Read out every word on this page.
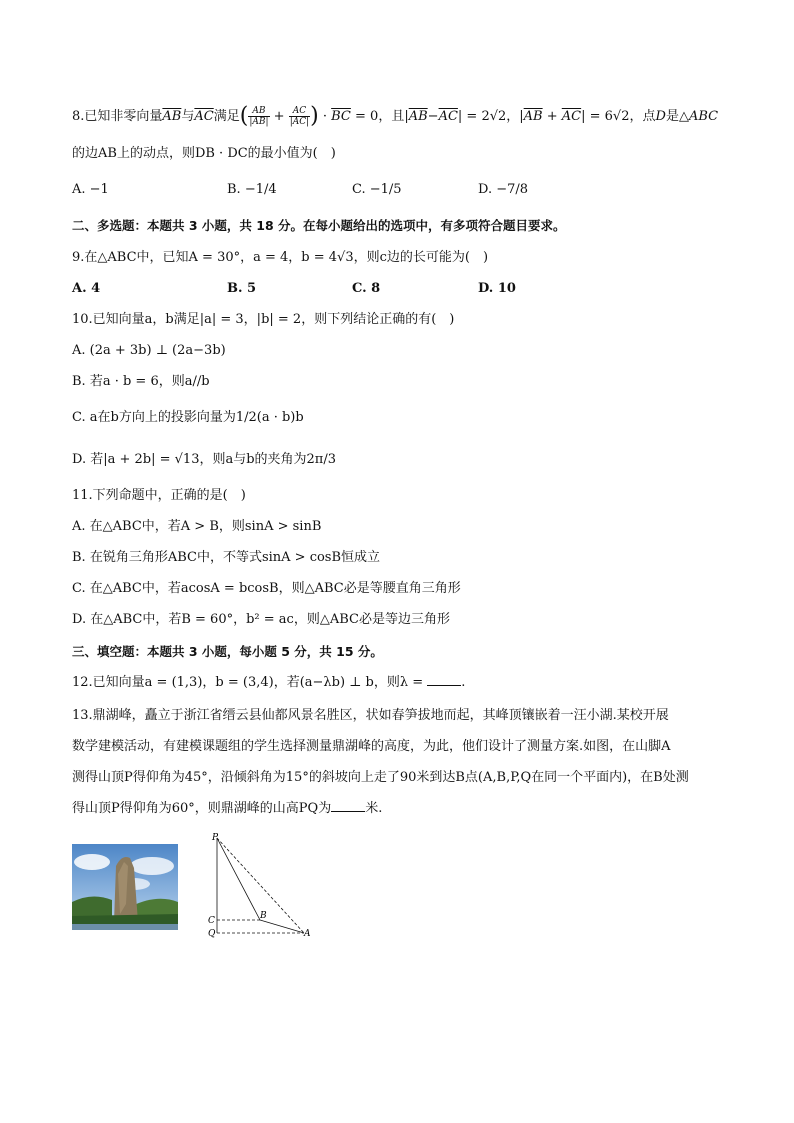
8.已知非零向量$\overline{AB}$与$\overline{AC}$满足( $\frac{AB}{|AB|} + \frac{AC}{|AC|}$ ) · $\overline{BC} = 0$，且$|\overline{AB}-\overline{AC}| = 2√2$，$|\overline{AB} + \overline{AC}| = 6√2$，点D是△ABC
的边AB上的动点，则DB · DC的最小值为(　)
A. −1	B. −1/4	C. −1/5	D. −7/8
二、多选题：本题共 3 小题，共 18 分。在每小题给出的选项中，有多项符合题目要求。
9.在△ABC中，已知A = 30°，a = 4，b = 4√3，则c边的长可能为(　)
A. 4	B. 5	C. 8	D. 10
10.已知向量a，b满足|a| = 3，|b| = 2，则下列结论正确的有(　)
A. (2a + 3b) ⊥ (2a−3b)
B. 若a · b = 6，则a//b
C. a在b方向上的投影向量为1/2(a · b)b
D. 若|a + 2b| = √13，则a与b的夹角为2π/3
11.下列命题中，正确的是(　)
A. 在△ABC中，若A > B，则sinA > sinB
B. 在锐角三角形ABC中，不等式sinA > cosB恒成立
C. 在△ABC中，若acosA = bcosB，则△ABC必是等腰直角三角形
D. 在△ABC中，若B = 60°，b² = ac，则△ABC必是等边三角形
三、填空题：本题共 3 小题，每小题 5 分，共 15 分。
12.已知向量a = (1,3)，b = (3,4)，若(a−λb) ⊥ b，则λ =	.
13.鼎湖峰，矗立于浙江省缙云县仙都风景名胜区，状如春笋拔地而起，其峰顶镶嵌着一汪小湖.某校开展
数学建模活动，有建模课题组的学生选择测量鼎湖峰的高度，为此，他们设计了测量方案.如图，在山脚A
测得山顶P得仰角为45°，沿倾斜角为15°的斜坡向上走了90米到达B点(A,B,P,Q在同一个平面内)，在B处测
得山顶P得仰角为60°，则鼎湖峰的山高PQ为	米.
P
C
Q
B
A
